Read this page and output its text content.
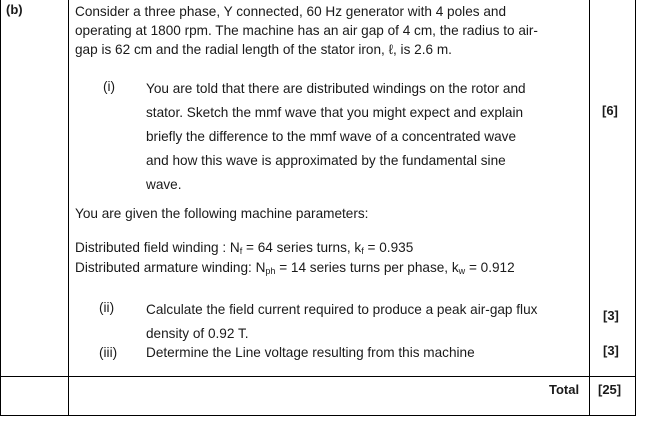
(b)	Consider a three phase, Y connected, 60 Hz generator with 4 poles and
operating at 1800 rpm. The machine has an air gap of 4 cm, the radius to air-
gap is 62 cm and the radial length of the stator iron, ℓ, is 2.6 m.
(i) You are told that there are distributed windings on the rotor and
stator. Sketch the mmf wave that you might expect and explain
briefly the difference to the mmf wave of a concentrated wave
and how this wave is approximated by the fundamental sine
wave.
[6]
You are given the following machine parameters:
Distributed field winding : $N_f = 64$ series turns, $k_f = 0.935$
Distributed armature winding: $N_{ph} = 14$ series turns per phase, $k_w = 0.912$
(ii) Calculate the field current required to produce a peak air-gap flux
density of 0.92 T.
[3]
(iii) Determine the Line voltage resulting from this machine	[3]
Total [25]
